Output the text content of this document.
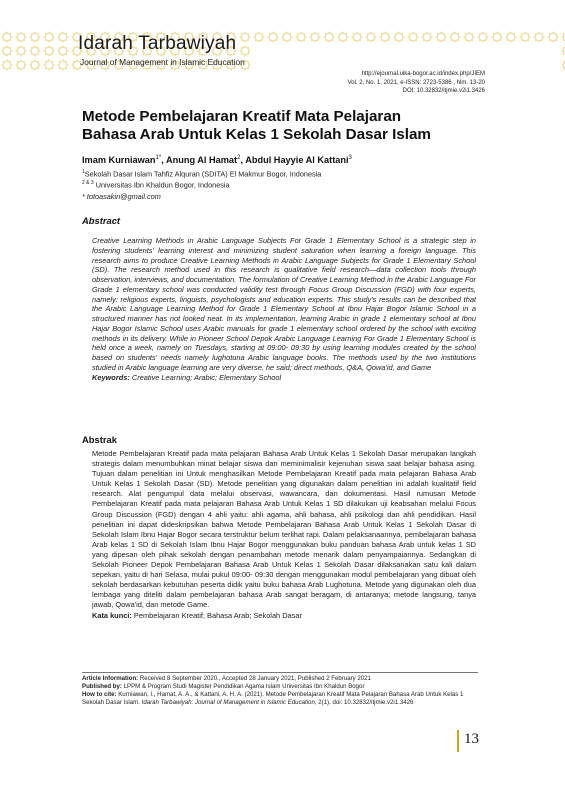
Idarah Tarbawiyah
Journal of Management in Islamic Education
http://ejournal.uika-bogor.ac.id/index.php/JIEM
Vol. 2, No. 1, 2021, e-ISSN: 2723-5386 , hlm. 13-20
DOI: 10.32832/itjmie.v2i1.3426
Metode Pembelajaran Kreatif Mata Pelajaran
Bahasa Arab Untuk Kelas 1 Sekolah Dasar Islam
Imam Kurniawan$^{1*}$, Anung Al Hamat$^2$, Abdul Hayyie Al Kattani$^3$
$^1$Sekolah Dasar Islam Tahfiz Alquran (SDITA) El Makmur Bogor, Indonesia
$^{2 \& 3}$ Universitas Ibn Khaldun Bogor, Indonesia
* totoasakin@gmail.com
Abstract
Creative Learning Methods in Arabic Language Subjects For Grade 1 Elementary School is a strategic step in fostering students' learning interest and minimizing student saturation when learning a foreign language. This research aims to produce Creative Learning Methods in Arabic Language Subjects for Grade 1 Elementary School (SD). The research method used in this research is qualitative field research—data collection tools through observation, interviews, and documentation. The formulation of Creative Learning Method in the Arabic Language For Grade 1 elementary school was conducted validity test through Focus Group Discussion (FGD) with four experts, namely: religious experts, linguists, psychologists and education experts. This study's results can be described that the Arabic Language Learning Method for Grade 1 Elementary School at Ibnu Hajar Bogor Islamic School in a structured manner has not looked neat. In its implementation, learning Arabic in grade 1 elementary school at Ibnu Hajar Bogor Islamic School uses Arabic manuals for grade 1 elementary school ordered by the school with exciting methods in its delivery. While in Pioneer School Depok Arabic Language Learning For Grade 1 Elementary School is held once a week, namely on Tuesdays, starting at 09:00- 09:30 by using learning modules created by the school based on students' needs namely lughotuna Arabic language books. The methods used by the two institutions studied in Arabic language learning are very diverse, he said; direct methods, Q&A, Qowa'id, and Game
Keywords: Creative Learning; Arabic; Elementary School
Abstrak
Metode Pembelajaran Kreatif pada mata pelajaran Bahasa Arab Untuk Kelas 1 Sekolah Dasar merupakan langkah strategis dalam menumbuhkan minat belajar siswa dan meminimalisir kejenuhan siswa saat belajar bahasa asing. Tujuan dalam penelitian ini Untuk menghasilkan Metode Pembelajaran Kreatif pada mata pelajaran Bahasa Arab Untuk Kelas 1 Sekolah Dasar (SD). Metode penelitian yang digunakan dalam penelitian ini adalah kualitatif field research. Alat pengumpul data melalui observasi, wawancara, dan dokumentasi. Hasil rumusan Metode Pembelajaran Kreatif pada mata pelajaran Bahasa Arab Untuk Kelas 1 SD dilakukan uji keabsahan melalui Focus Group Discussion (FGD) dengan 4 ahli yaitu: ahli agama, ahli bahasa, ahli psikologi dan ahli pendidikan. Hasil penelitian ini dapat dideskripsikan bahwa Metode Pembelajaran Bahasa Arab Untuk Kelas 1 Sekolah Dasar di Sekolah Islam Ibnu Hajar Bogor secara terstruktur belum terlihat rapi. Dalam pelaksanaannya, pembelajaran bahasa Arab kelas 1 SD di Sekolah Islam Ibnu Hajar Bogor menggunakan buku panduan bahasa Arab untuk kelas 1 SD yang dipesan oleh pihak sekolah dengan penambahan metode menarik dalam penyampaiannya. Sedangkan di Sekolah Pioneer Depok Pembelajaran Bahasa Arab Untuk Kelas 1 Sekolah Dasar dilaksanakan satu kali dalam sepekan, yaitu di hari Selasa, mulai pukul 09:00- 09:30 dengan menggunakan modul pembelajaran yang dibuat oleh sekolah berdasarkan kebutuhan peserta didik yaitu buku bahasa Arab Lughotuna. Metode yang digunakan oleh dua lembaga yang diteliti dalam pembelajaran bahasa Arab sangat beragam, di antaranya; metode langsung, tanya jawab, Qowa'id, dan metode Game.
Kata kunci: Pembelajaran Kreatif; Bahasa Arab; Sekolah Dasar
Article Information: Received 8 September 2020., Accepted 28 January 2021, Published 2 February 2021
Published by: LPPM & Program Studi Magister Pendidikan Agama Islam Universitas Ibn Khaldun Bogor
How to cite: Kurniawan, I., Hamat, A. A., & Kattani, A. H. A. (2021). Metode Pembelajaran Kreatif Mata Pelajaran Bahasa Arab Untuk Kelas 1 Sekolah Dasar Islam. Idarah Tarbawiyah: Journal of Management in Islamic Education, 2(1). doi: 10.32832/itjmie.v2i1.3426
13
